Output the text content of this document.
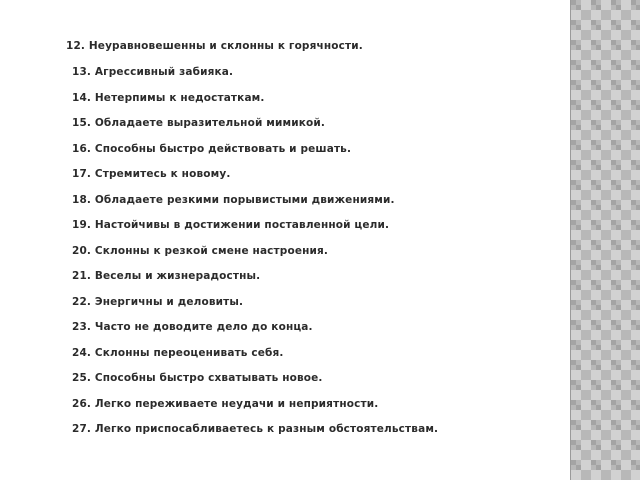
12. Неуравновешенны и склонны к горячности.
13. Агрессивный забияка.
14. Нетерпимы к недостаткам.
15. Обладаете выразительной мимикой.
16. Способны быстро действовать и решать.
17. Стремитесь к новому.
18. Обладаете резкими порывистыми движениями.
19. Настойчивы в достижении поставленной цели.
20. Склонны к резкой смене настроения.
21. Веселы и жизнерадостны.
22. Энергичны и деловиты.
23. Часто не доводите дело до конца.
24. Склонны переоценивать себя.
25. Способны быстро схватывать новое.
26. Легко переживаете неудачи и неприятности.
27. Легко приспосабливаетесь к разным обстоятельствам.
